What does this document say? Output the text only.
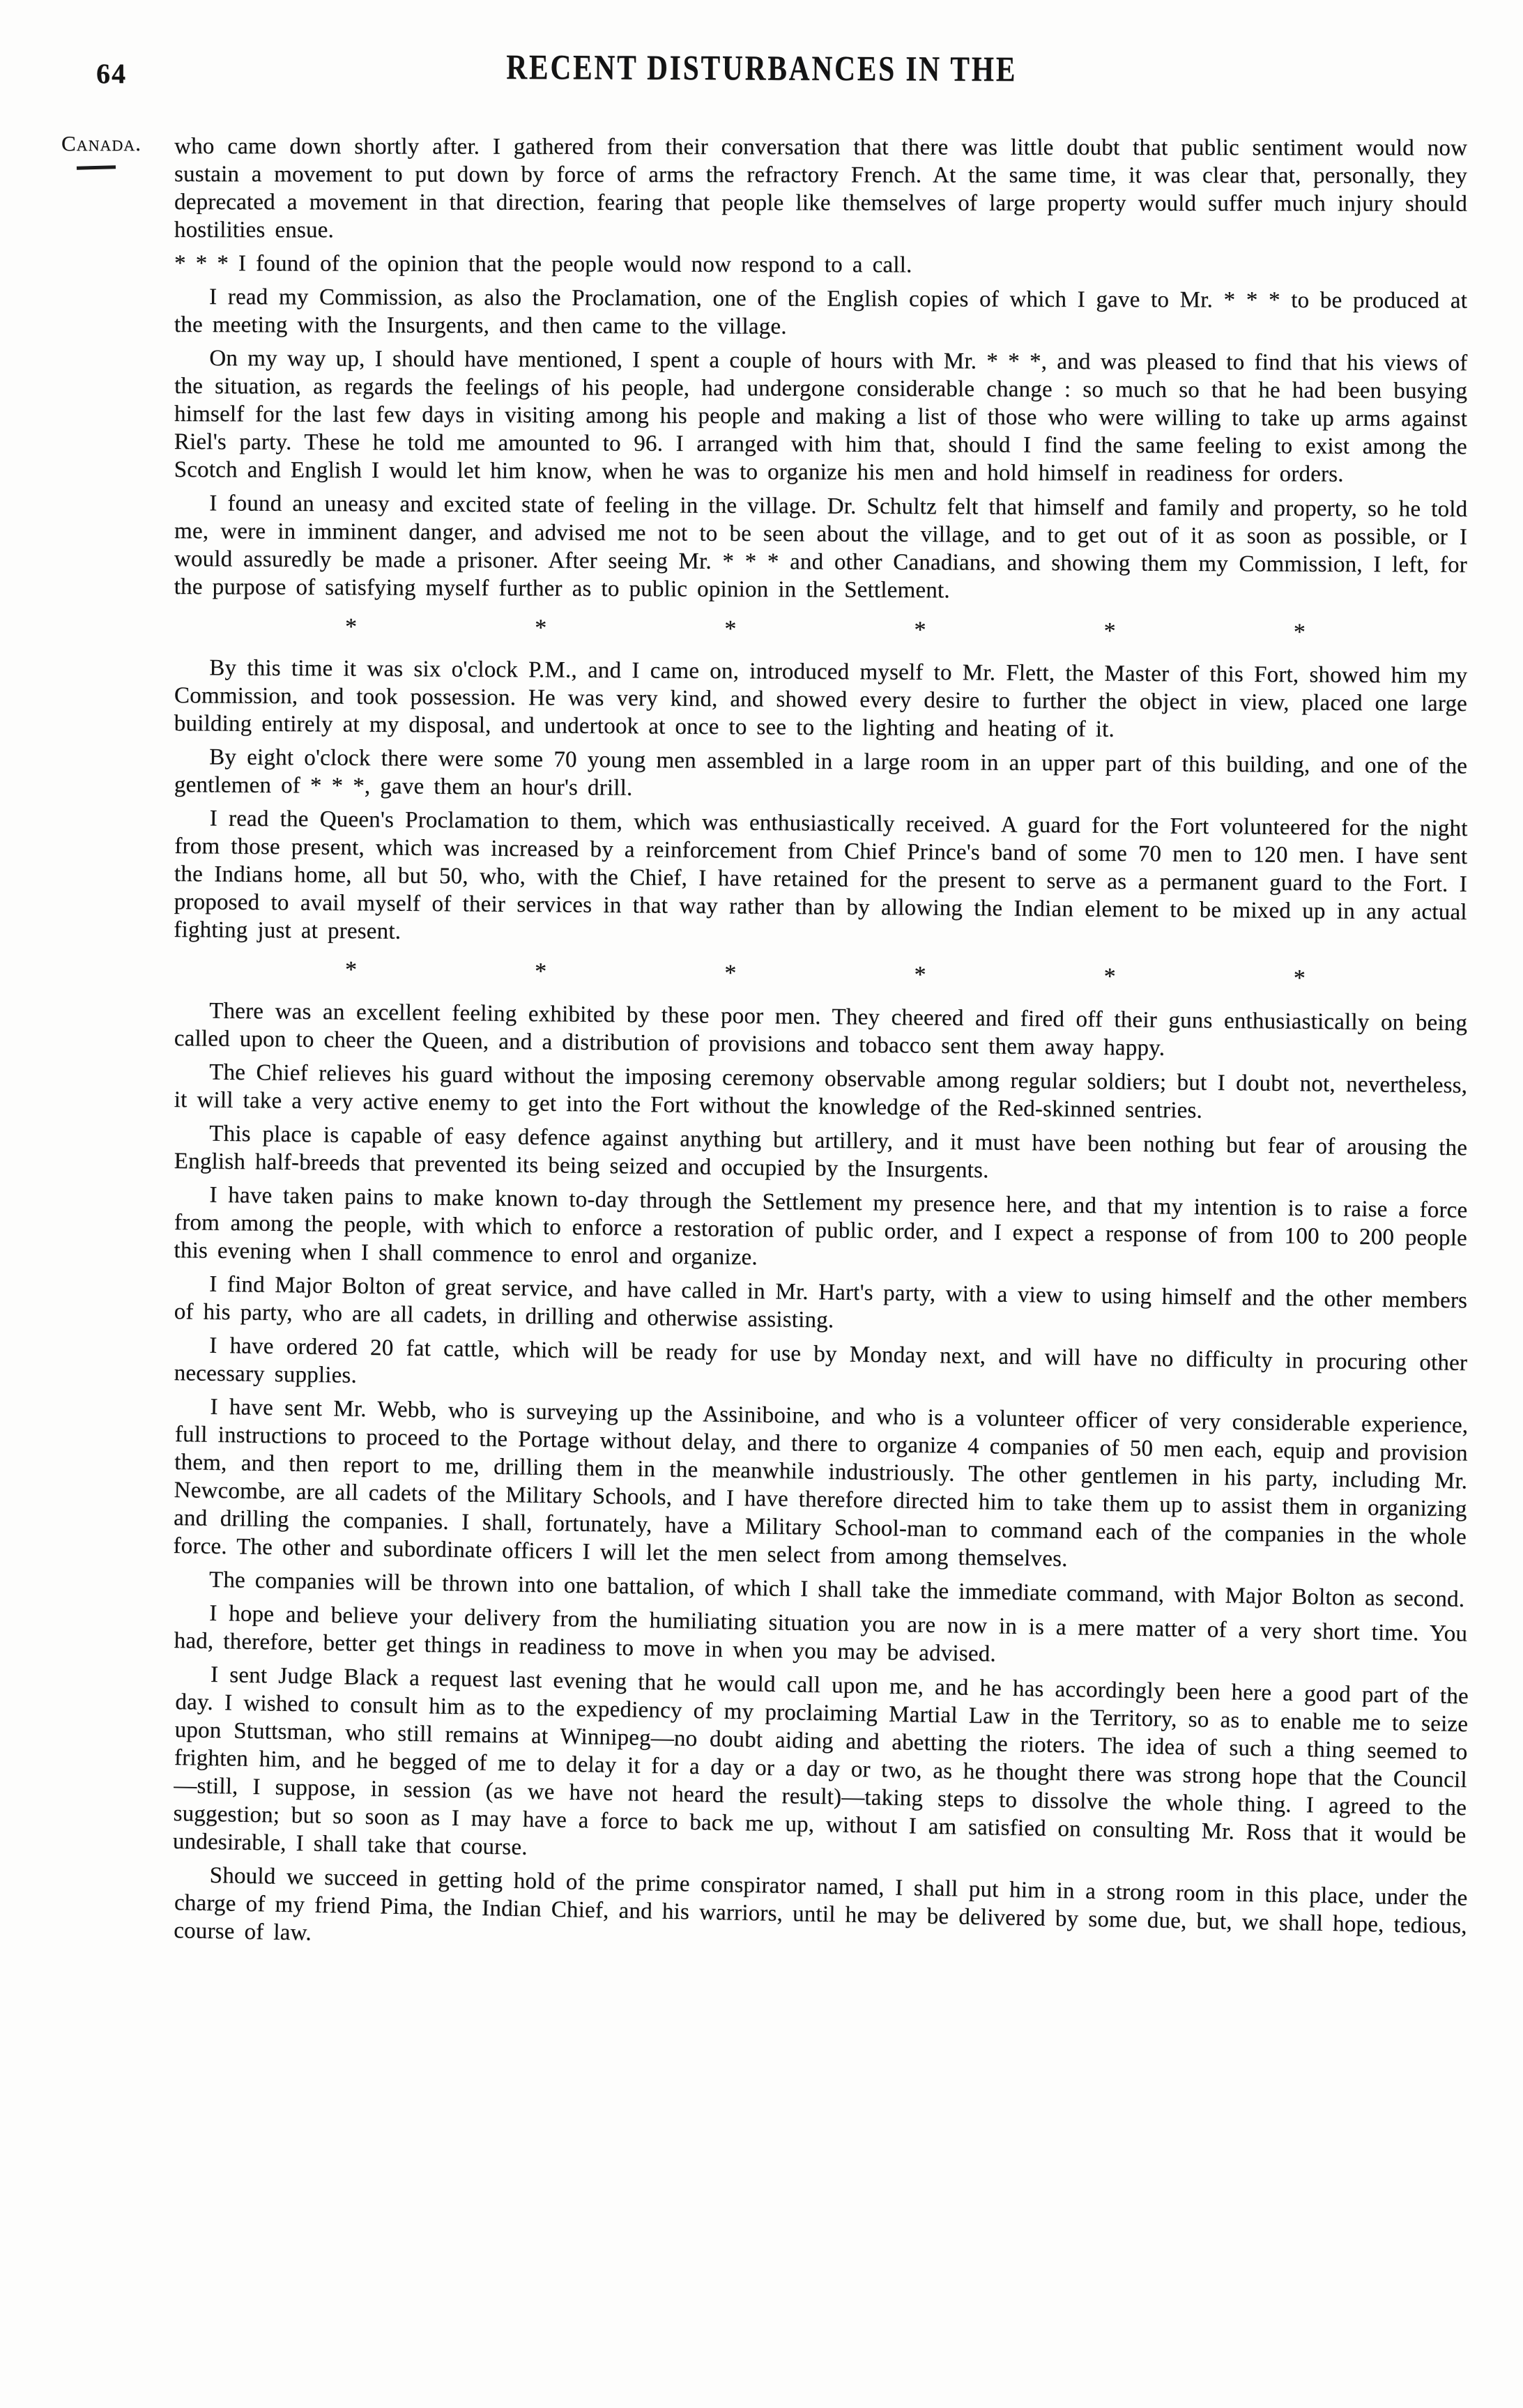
64	RECENT DISTURBANCES IN THE
Canada.	who came down shortly after. I gathered from their conversation that there was little doubt that public sentiment would now sustain a movement to put down by force of arms the refractory French. At the same time, it was clear that, personally, they deprecated a movement in that direction, fearing that people like themselves of large property would suffer much injury should hostilities ensue.

* * * I found of the opinion that the people would now respond to a call.

I read my Commission, as also the Proclamation, one of the English copies of which I gave to Mr. * * * to be produced at the meeting with the Insurgents, and then came to the village.

On my way up, I should have mentioned, I spent a couple of hours with Mr. * * *, and was pleased to find that his views of the situation, as regards the feelings of his people, had undergone considerable change : so much so that he had been busying himself for the last few days in visiting among his people and making a list of those who were willing to take up arms against Riel's party. These he told me amounted to 96. I arranged with him that, should I find the same feeling to exist among the Scotch and English I would let him know, when he was to organize his men and hold himself in readiness for orders.

I found an uneasy and excited state of feeling in the village. Dr. Schultz felt that himself and family and property, so he told me, were in imminent danger, and advised me not to be seen about the village, and to get out of it as soon as possible, or I would assuredly be made a prisoner. After seeing Mr. * * * and other Canadians, and showing them my Commission, I left, for the purpose of satisfying myself further as to public opinion in the Settlement.

*	*	*	*	*	*

By this time it was six o'clock P.M., and I came on, introduced myself to Mr. Flett, the Master of this Fort, showed him my Commission, and took possession. He was very kind, and showed every desire to further the object in view, placed one large building entirely at my disposal, and undertook at once to see to the lighting and heating of it.

By eight o'clock there were some 70 young men assembled in a large room in an upper part of this building, and one of the gentlemen of * * *, gave them an hour's drill.

I read the Queen's Proclamation to them, which was enthusiastically received. A guard for the Fort volunteered for the night from those present, which was increased by a reinforcement from Chief Prince's band of some 70 men to 120 men. I have sent the Indians home, all but 50, who, with the Chief, I have retained for the present to serve as a permanent guard to the Fort. I proposed to avail myself of their services in that way rather than by allowing the Indian element to be mixed up in any actual fighting just at present.

*	*	*	*	*	*

There was an excellent feeling exhibited by these poor men. They cheered and fired off their guns enthusiastically on being called upon to cheer the Queen, and a distribution of provisions and tobacco sent them away happy.

The Chief relieves his guard without the imposing ceremony observable among regular soldiers; but I doubt not, nevertheless, it will take a very active enemy to get into the Fort without the knowledge of the Red-skinned sentries.

This place is capable of easy defence against anything but artillery, and it must have been nothing but fear of arousing the English half-breeds that prevented its being seized and occupied by the Insurgents.

I have taken pains to make known to-day through the Settlement my presence here, and that my intention is to raise a force from among the people, with which to enforce a restoration of public order, and I expect a response of from 100 to 200 people this evening when I shall commence to enrol and organize.

I find Major Bolton of great service, and have called in Mr. Hart's party, with a view to using himself and the other members of his party, who are all cadets, in drilling and otherwise assisting.

I have ordered 20 fat cattle, which will be ready for use by Monday next, and will have no difficulty in procuring other necessary supplies.

I have sent Mr. Webb, who is surveying up the Assiniboine, and who is a volunteer officer of very considerable experience, full instructions to proceed to the Portage without delay, and there to organize 4 companies of 50 men each, equip and provision them, and then report to me, drilling them in the meanwhile industriously. The other gentlemen in his party, including Mr. Newcombe, are all cadets of the Military Schools, and I have therefore directed him to take them up to assist them in organizing and drilling the companies. I shall, fortunately, have a Military School-man to command each of the companies in the whole force. The other and subordinate officers I will let the men select from among themselves.

The companies will be thrown into one battalion, of which I shall take the immediate command, with Major Bolton as second.

I hope and believe your delivery from the humiliating situation you are now in is a mere matter of a very short time. You had, therefore, better get things in readiness to move in when you may be advised.

I sent Judge Black a request last evening that he would call upon me, and he has accordingly been here a good part of the day. I wished to consult him as to the expediency of my proclaiming Martial Law in the Territory, so as to enable me to seize upon Stuttsman, who still remains at Winnipeg—no doubt aiding and abetting the rioters. The idea of such a thing seemed to frighten him, and he begged of me to delay it for a day or a day or two, as he thought there was strong hope that the Council —still, I suppose, in session (as we have not heard the result)—taking steps to dissolve the whole thing. I agreed to the suggestion; but so soon as I may have a force to back me up, without I am satisfied on consulting Mr. Ross that it would be undesirable, I shall take that course.

Should we succeed in getting hold of the prime conspirator named, I shall put him in a strong room in this place, under the charge of my friend Pima, the Indian Chief, and his warriors, until he may be delivered by some due, but, we shall hope, tedious, course of law.
